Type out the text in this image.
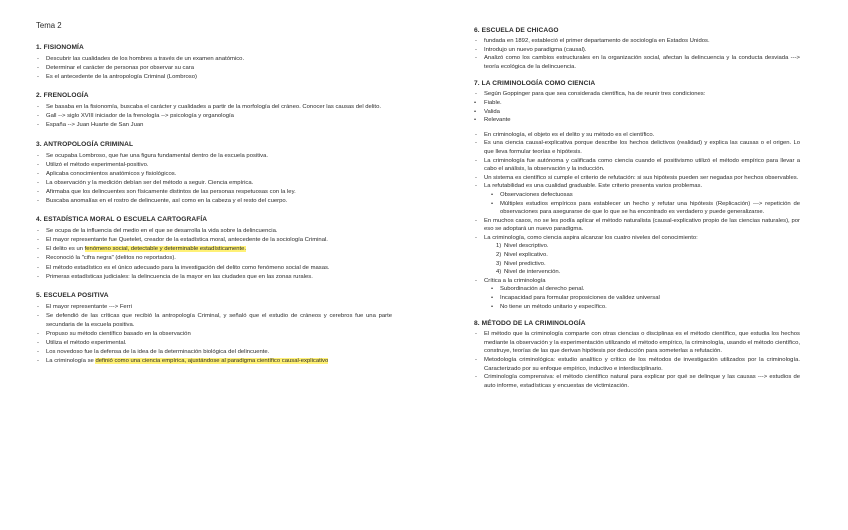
Tema 2
1. FISIONOMÍA
- Descubrir las cualidades de los hombres a través de un examen anatómico.
- Determinar el carácter de personas por observar su cara
- Es el antecedente de la antropología Criminal (Lombroso)
2. FRENOLOGÍA
- Se basaba en la fisionomía, buscaba el carácter y cualidades a partir de la morfología del cráneo. Conocer las causas del delito.
- Gall --> siglo XVIII iniciador de la frenología --> psicología y organología
- España --> Juan Huarte de San Juan
3. ANTROPOLOGÍA CRIMINAL
- Se ocupaba Lombroso, que fue una figura fundamental dentro de la escuela positiva.
- Utilizó el método experimental-positivo.
- Aplicaba conocimientos anatómicos y fisiológicos.
- La observación y la medición debían ser del método a seguir. Ciencia empírica.
- Afirmaba que los delincuentes son físicamente distintos de las personas respetuosas con la ley.
- Buscaba anomalías en el rostro de delincuente, así como en la cabeza y el resto del cuerpo.
4. ESTADÍSTICA MORAL O ESCUELA CARTOGRAFÍA
- Se ocupa de la influencia del medio en el que se desarrolla la vida sobre la delincuencia.
- El mayor representante fue Quetelet, creador de la estadística moral, antecedente de la sociología Criminal.
- El delito es un fenómeno social, detectable y determinable estadísticamente.
- Reconoció la "cifra negra" (delitos no reportados).
- El método estadístico es el único adecuado para la investigación del delito como fenómeno social de masas.
- Primeras estadísticas judiciales: la delincuencia de la mayor en las ciudades que en las zonas rurales.
5. ESCUELA POSITIVA
- El mayor representante ---> Ferri
- Se defendió de las críticas que recibió la antropología Criminal, y señaló que el estudio de cráneos y cerebros fue una parte secundaria de la escuela positiva.
- Propuso su método científico basado en la observación
- Utiliza el método experimental.
- Los novedoso fue la defensa de la idea de la determinación biológica del delincuente.
- La criminología se definió como una ciencia empírica, ajustándose al paradigma científico causal-explicativo
6. ESCUELA DE CHICAGO
- fundada en 1892, estableció el primer departamento de sociología en Estados Unidos.
- Introdujo un nuevo paradigma (causal).
- Analizó como los cambios estructurales en la organización social, afectan la delincuencia y la conducta desviada ---> teoría ecológica de la delincuencia.
7. LA CRIMINOLOGÍA COMO CIENCIA
- Según Goppinger para que sea considerada científica, ha de reunir tres condiciones:
• Fiable.
• Valida
• Relevante
- En criminología, el objeto es el delito y su método es el científico.
- Es una ciencia causal-explicativa porque describe los hechos delictivos (realidad) y explica las causas o el origen. Lo que lleva formular teorías e hipótesis.
- La criminología fue autónoma y calificada como ciencia cuando el positivismo utilizó el método empírico para llevar a cabo el análisis, la observación y la inducción.
- Un sistema es científico si cumple el criterio de refutación: si sus hipótesis pueden ser negadas por hechos observables.
- La refutabilidad es una cualidad graduable. Este criterio presenta varios problemas.
• Observaciones defectuosas
• Múltiples estudios empíricos para establecer un hecho y refutar una hipótesis (Replicación) ---> repetición de observaciones para asegurarse de que lo que se ha encontrado es verdadero y puede generalizarse.
- En muchos casos, no se les podía aplicar el método naturalista (causal-explicativo propio de las ciencias naturales), por eso se adoptará un nuevo paradigma.
- La criminología, como ciencia aspira alcanzar los cuatro niveles del conocimiento:
1) Nivel descriptivo.
2) Nivel explicativo.
3) Nivel predictivo.
4) Nivel de intervención.
- Crítica a la criminología
• Subordinación al derecho penal.
• Incapacidad para formular proposiciones de validez universal
• No tiene un método unitario y específico.
8. MÉTODO DE LA CRIMINOLOGÍA
- El método que la criminología comparte con otras ciencias o disciplinas es el método científico, que estudia los hechos mediante la observación y la experimentación utilizando el método empírico, la criminología, usando el método científico, construye, teorías de las que derivan hipótesis por deducción para someterlas a refutación.
- Metodología criminológica: estudio analítico y crítico de los métodos de investigación utilizados por la criminología. Caracterizado por su enfoque empírico, inductivo e interdisciplinario.
- Criminología comprensiva: el método científico natural para explicar por qué se delinque y las causas ---> estudios de auto informe, estadísticas y encuestas de victimización.
